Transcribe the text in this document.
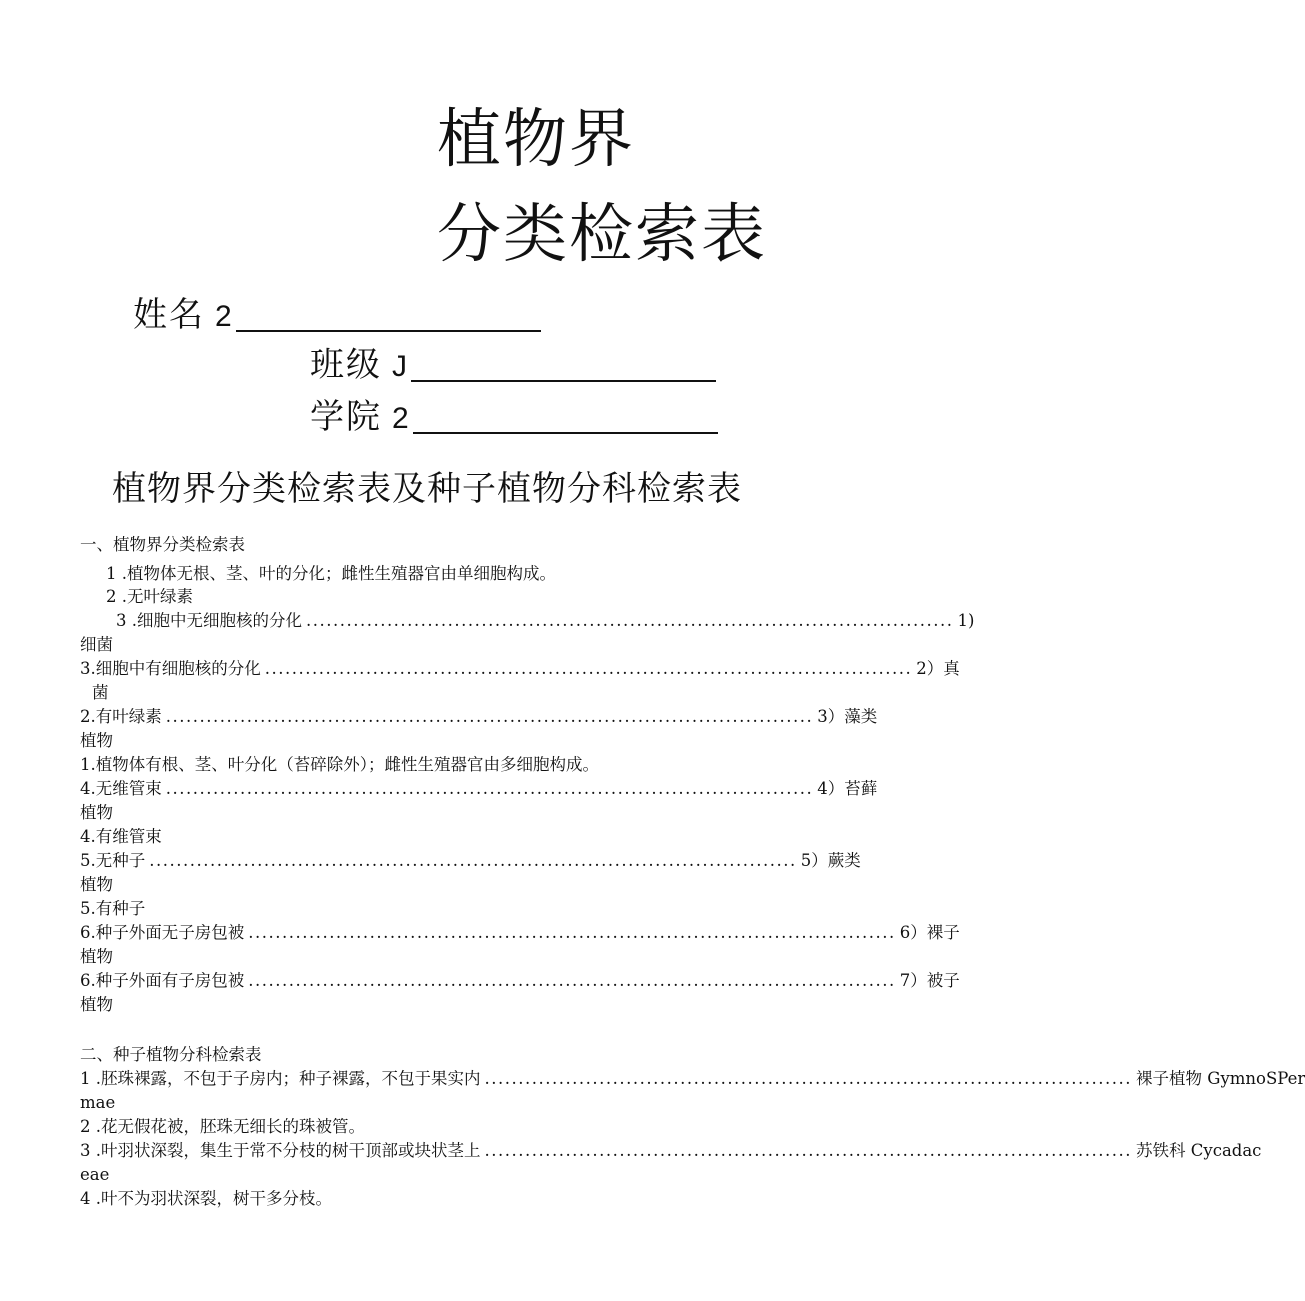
植物界
分类检索表
姓名 2
班级 J
学院 2
植物界分类检索表及种子植物分科检索表
一、植物界分类检索表
1 .植物体无根、茎、叶的分化；雌性生殖器官由单细胞构成。
2 .无叶绿素
3 .细胞中无细胞核的分化 ................................................................................................ 1)
细菌
3.细胞中有细胞核的分化 ................................................................................................ 2）真
菌
2.有叶绿素 ................................................................................................ 3）藻类
植物
1.植物体有根、茎、叶分化（苔碎除外）；雌性生殖器官由多细胞构成。
4.无维管束 ................................................................................................ 4）苔藓
植物
4.有维管束
5.无种子 ................................................................................................ 5）蕨类
植物
5.有种子
6.种子外面无子房包被 ................................................................................................ 6）裸子
植物
6.种子外面有子房包被 ................................................................................................ 7）被子
植物
二、种子植物分科检索表
1 .胚珠裸露，不包于子房内；种子裸露，不包于果实内 ................................................................................................ 裸子植物 GymnoSPer
mae
2 .花无假花被，胚珠无细长的珠被管。
3 .叶羽状深裂，集生于常不分枝的树干顶部或块状茎上 ................................................................................................ 苏铁科 Cycadac
eae
4 .叶不为羽状深裂，树干多分枝。
